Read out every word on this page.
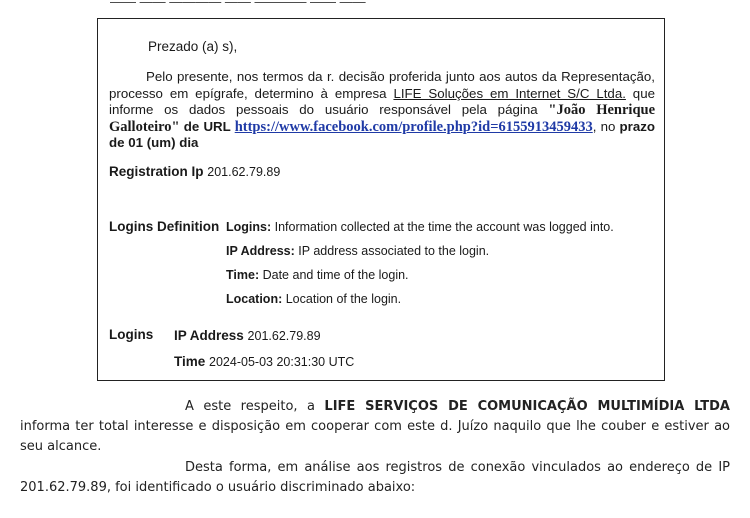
Prezado (a) s),
Pelo presente, nos termos da r. decisão proferida junto aos autos da Representação, processo em epígrafe, determino à empresa LIFE Soluções em Internet S/C Ltda. que informe os dados pessoais do usuário responsável pela página "João Henrique Galloteiro" de URL https://www.facebook.com/profile.php?id=6155913459433, no prazo de 01 (um) dia
Registration Ip 201.62.79.89
Logins Definition Logins: Information collected at the time the account was logged into.
IP Address: IP address associated to the login.
Time: Date and time of the login.
Location: Location of the login.
Logins IP Address 201.62.79.89
Time 2024-05-03 20:31:30 UTC
A este respeito, a LIFE SERVIÇOS DE COMUNICAÇÃO MULTIMÍDIA LTDA informa ter total interesse e disposição em cooperar com este d. Juízo naquilo que lhe couber e estiver ao seu alcance.
Desta forma, em análise aos registros de conexão vinculados ao endereço de IP 201.62.79.89, foi identificado o usuário discriminado abaixo:
